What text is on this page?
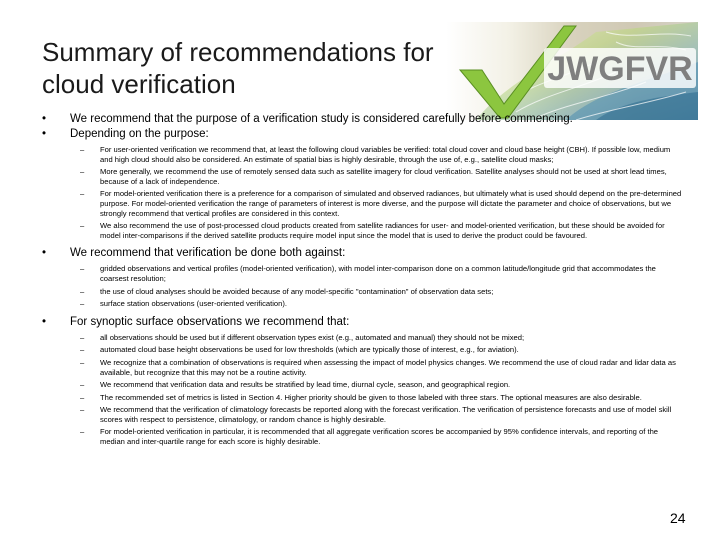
Summary of recommendations for cloud verification	JWGFVR
• We recommend that the purpose of a verification study is considered carefully before commencing.
• Depending on the purpose:
– For user-oriented verification we recommend that, at least the following cloud variables be verified: total cloud cover and cloud base height (CBH). If possible low, medium and high cloud should also be considered. An estimate of spatial bias is highly desirable, through the use of, e.g., satellite cloud masks;
– More generally, we recommend the use of remotely sensed data such as satellite imagery for cloud verification. Satellite analyses should not be used at short lead times, because of a lack of independence.
– For model-oriented verification there is a preference for a comparison of simulated and observed radiances, but ultimately what is used should depend on the pre-determined purpose. For model-oriented verification the range of parameters of interest is more diverse, and the purpose will dictate the parameter and choice of observations, but we strongly recommend that vertical profiles are considered in this context.
– We also recommend the use of post-processed cloud products created from satellite radiances for user- and model-oriented verification, but these should be avoided for model inter-comparisons if the derived satellite products require model input since the model that is used to derive the product could be favoured.
• We recommend that verification be done both against:
– gridded observations and vertical profiles (model-oriented verification), with model inter-comparison done on a common latitude/longitude grid that accommodates the coarsest resolution;
– the use of cloud analyses should be avoided because of any model-specific "contamination" of observation data sets;
– surface station observations (user-oriented verification).
• For synoptic surface observations we recommend that:
– all observations should be used but if different observation types exist (e.g., automated and manual) they should not be mixed;
– automated cloud base height observations be used for low thresholds (which are typically those of interest, e.g., for aviation).
– We recognize that a combination of observations is required when assessing the impact of model physics changes. We recommend the use of cloud radar and lidar data as available, but recognize that this may not be a routine activity.
– We recommend that verification data and results be stratified by lead time, diurnal cycle, season, and geographical region.
– The recommended set of metrics is listed in Section 4. Higher priority should be given to those labeled with three stars. The optional measures are also desirable.
– We recommend that the verification of climatology forecasts be reported along with the forecast verification. The verification of persistence forecasts and use of model skill scores with respect to persistence, climatology, or random chance is highly desirable.
– For model-oriented verification in particular, it is recommended that all aggregate verification scores be accompanied by 95% confidence intervals, and reporting of the median and inter-quartile range for each score is highly desirable.
24
